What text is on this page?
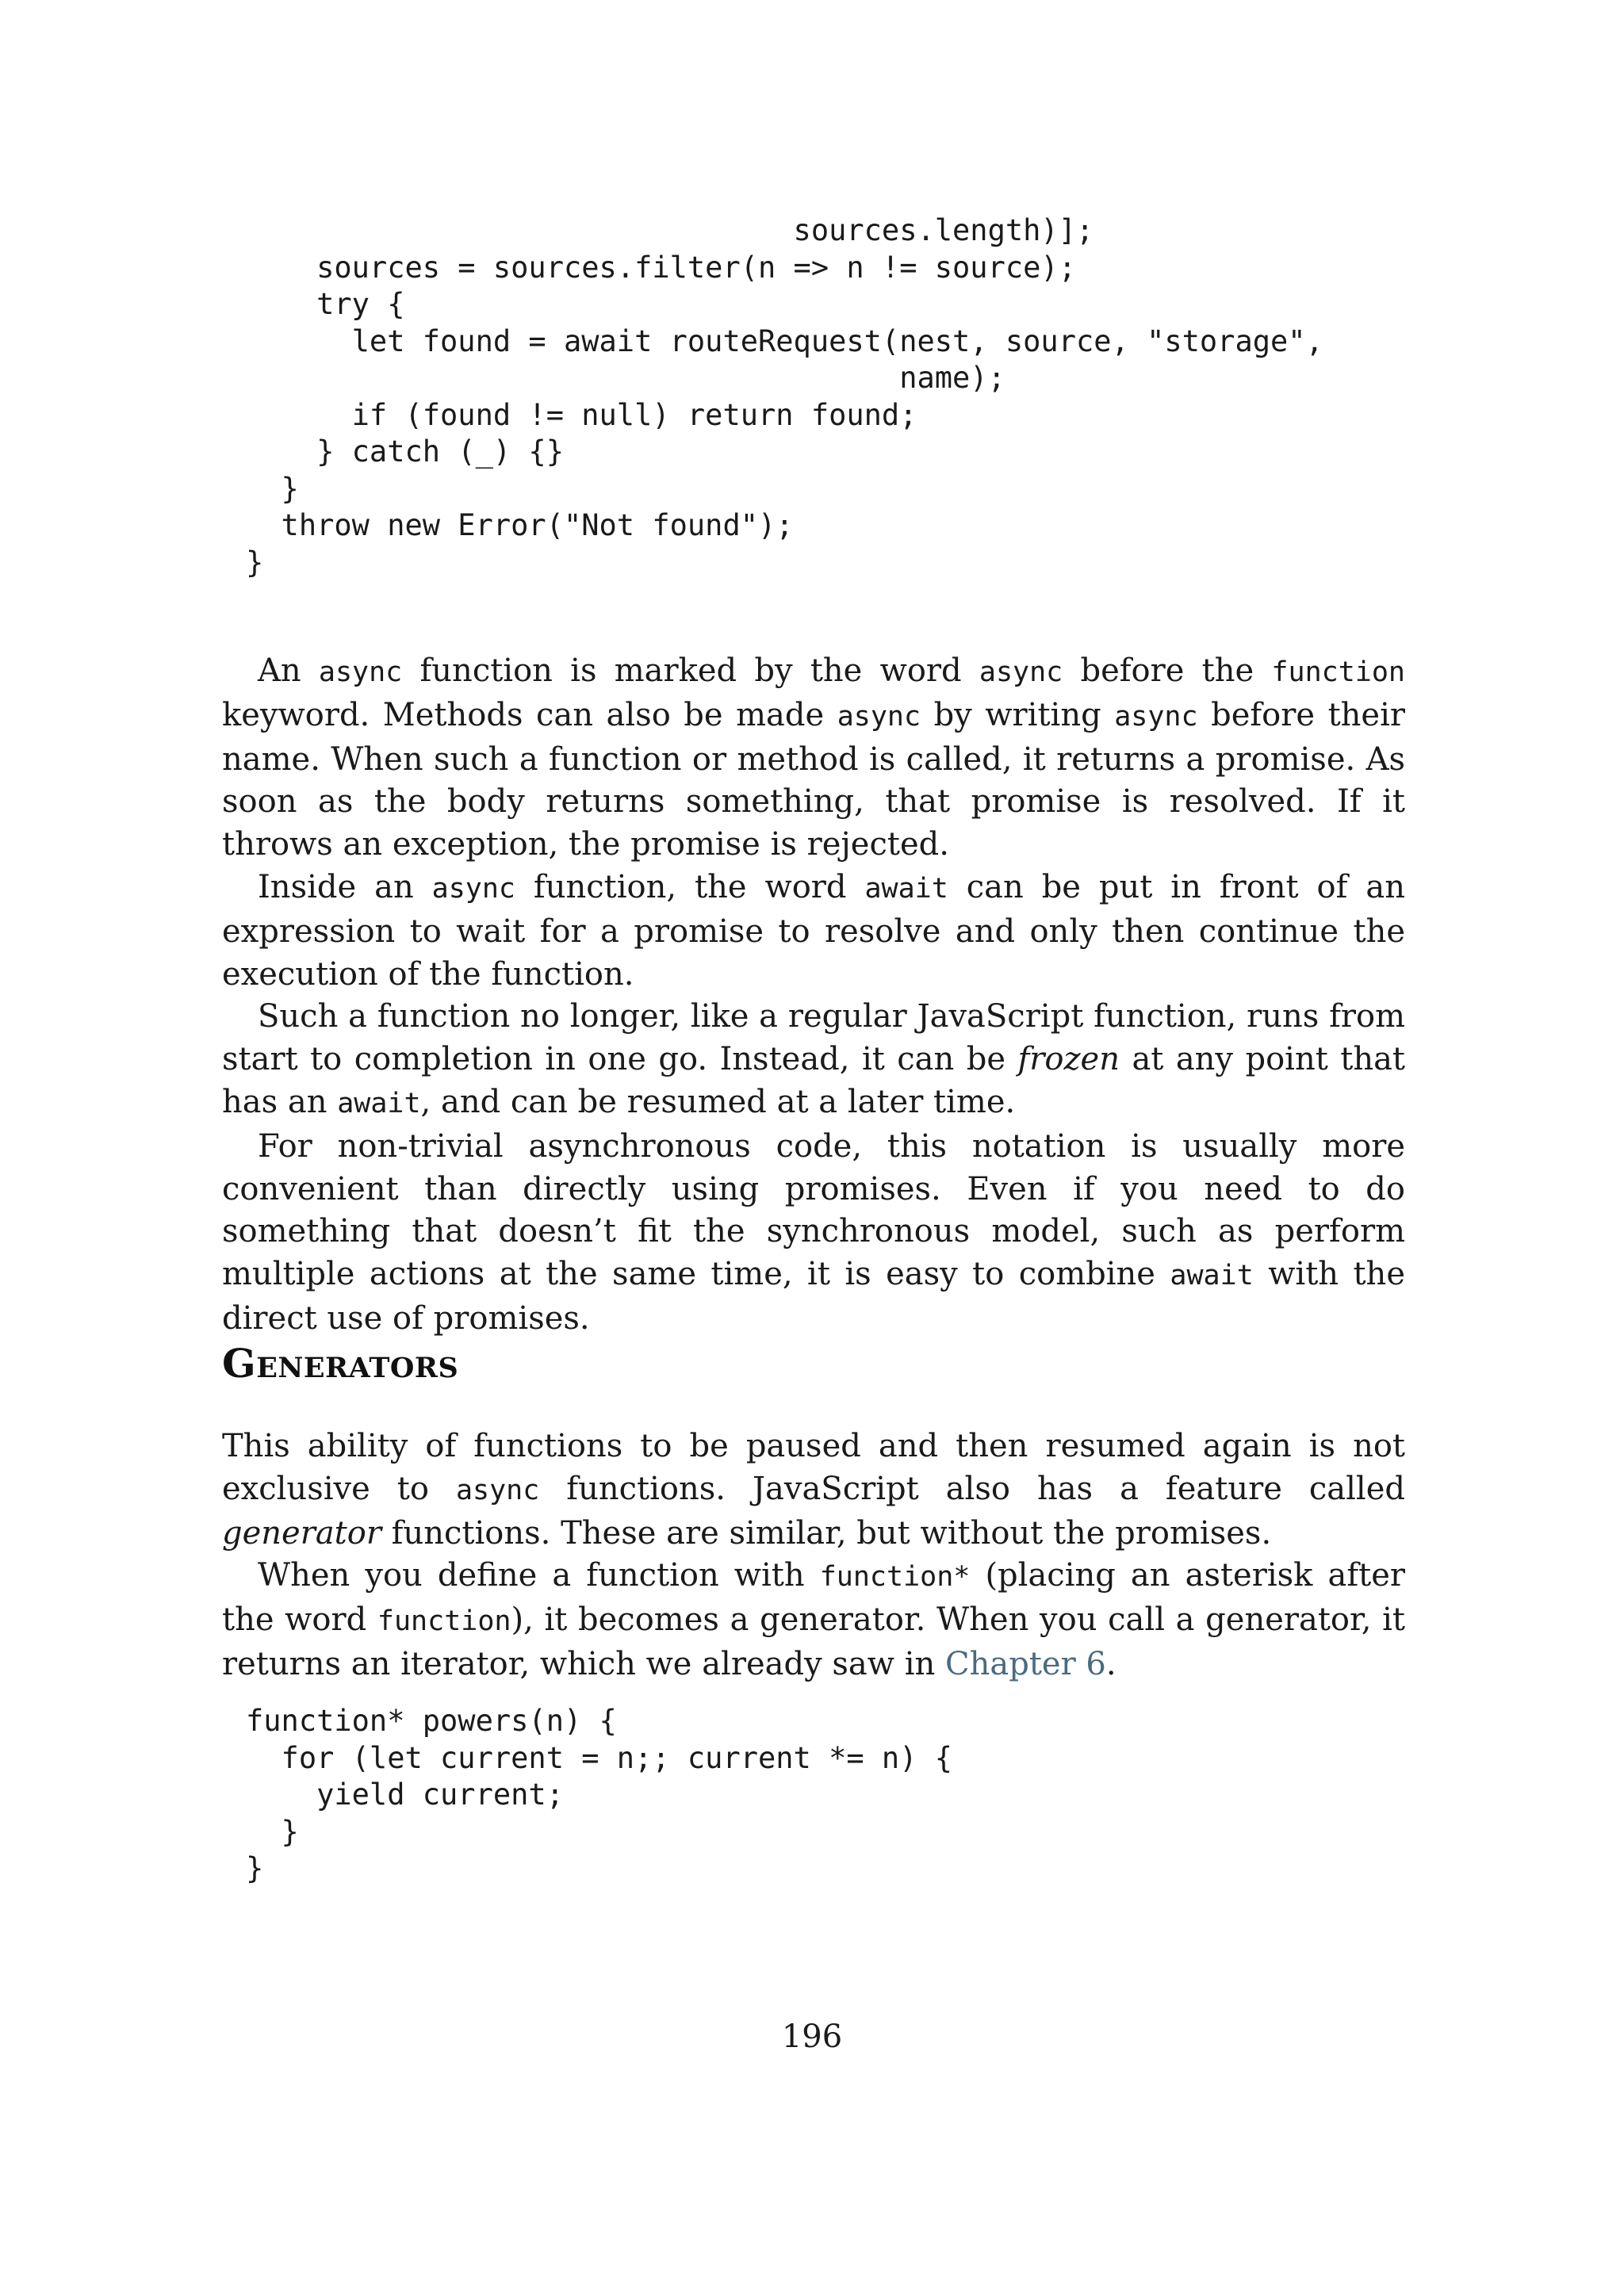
sources.length)];
sources = sources.filter(n => n != source);
try {
let found = await routeRequest(nest, source, "storage",
name);
if (found != null) return found;
} catch (_) {}
}
throw new Error("Not found");
}

An async function is marked by the word async before the function keyword. Methods can also be made async by writing async before their name. When such a function or method is called, it returns a promise. As soon as the body returns something, that promise is resolved. If it throws an exception, the promise is rejected.

Inside an async function, the word await can be put in front of an expression to wait for a promise to resolve and only then continue the execution of the function.

Such a function no longer, like a regular JavaScript function, runs from start to completion in one go. Instead, it can be frozen at any point that has an await, and can be resumed at a later time.

For non-trivial asynchronous code, this notation is usually more convenient than directly using promises. Even if you need to do something that doesn’t fit the synchronous model, such as perform multiple actions at the same time, it is easy to combine await with the direct use of promises.

Generators

This ability of functions to be paused and then resumed again is not exclusive to async functions. JavaScript also has a feature called generator functions. These are similar, but without the promises.

When you define a function with function* (placing an asterisk after the word function), it becomes a generator. When you call a generator, it returns an iterator, which we already saw in Chapter 6.

function* powers(n) {
for (let current = n;; current *= n) {
yield current;
}
}
196
